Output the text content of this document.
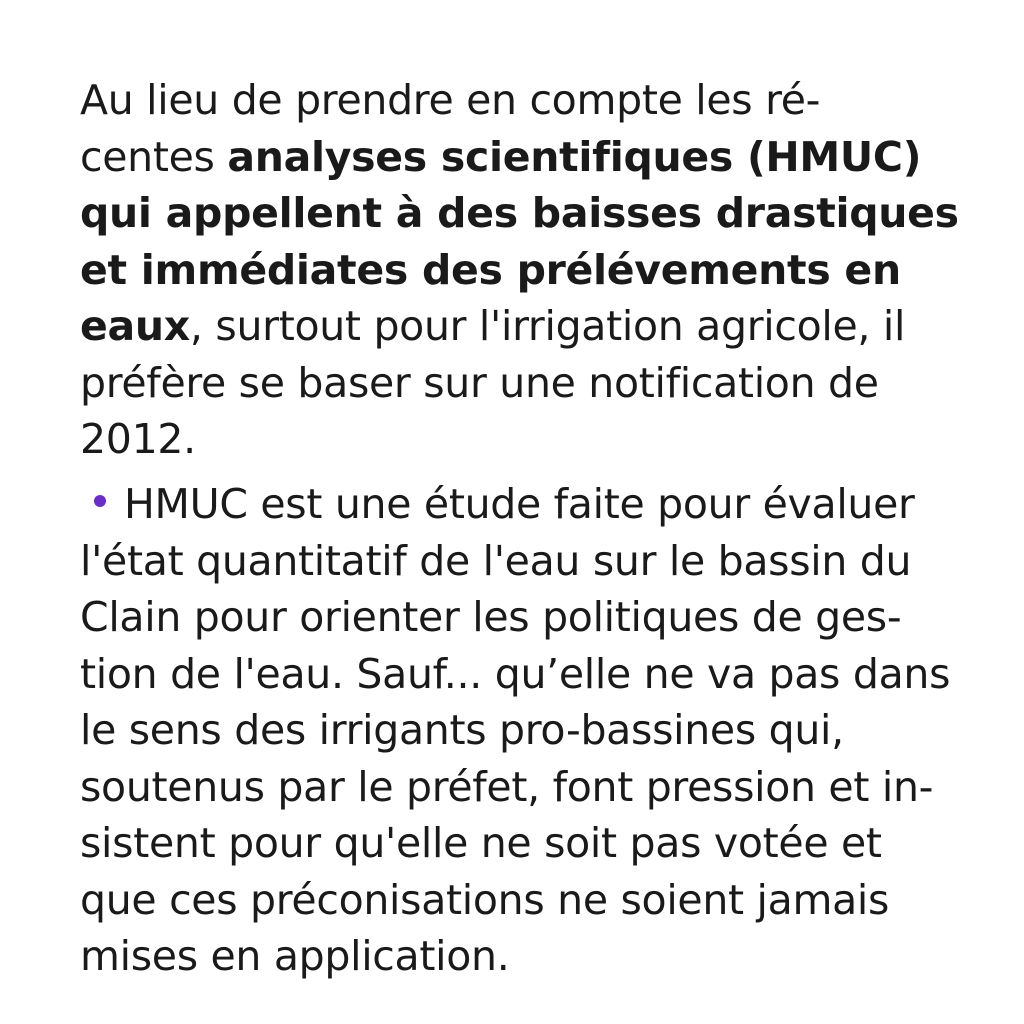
Au lieu de prendre en compte les ré-
centes analyses scientifiques (HMUC)
qui appellent à des baisses drastiques
et immédiates des prélévements en
eaux, surtout pour l'irrigation agricole, il
préfère se baser sur une notification de
2012.

HMUC est une étude faite pour évaluer
l'état quantitatif de l'eau sur le bassin du
Clain pour orienter les politiques de ges-
tion de l'eau. Sauf... qu’elle ne va pas dans
le sens des irrigants pro-bassines qui,
soutenus par le préfet, font pression et in-
sistent pour qu'elle ne soit pas votée et
que ces préconisations ne soient jamais
mises en application.
